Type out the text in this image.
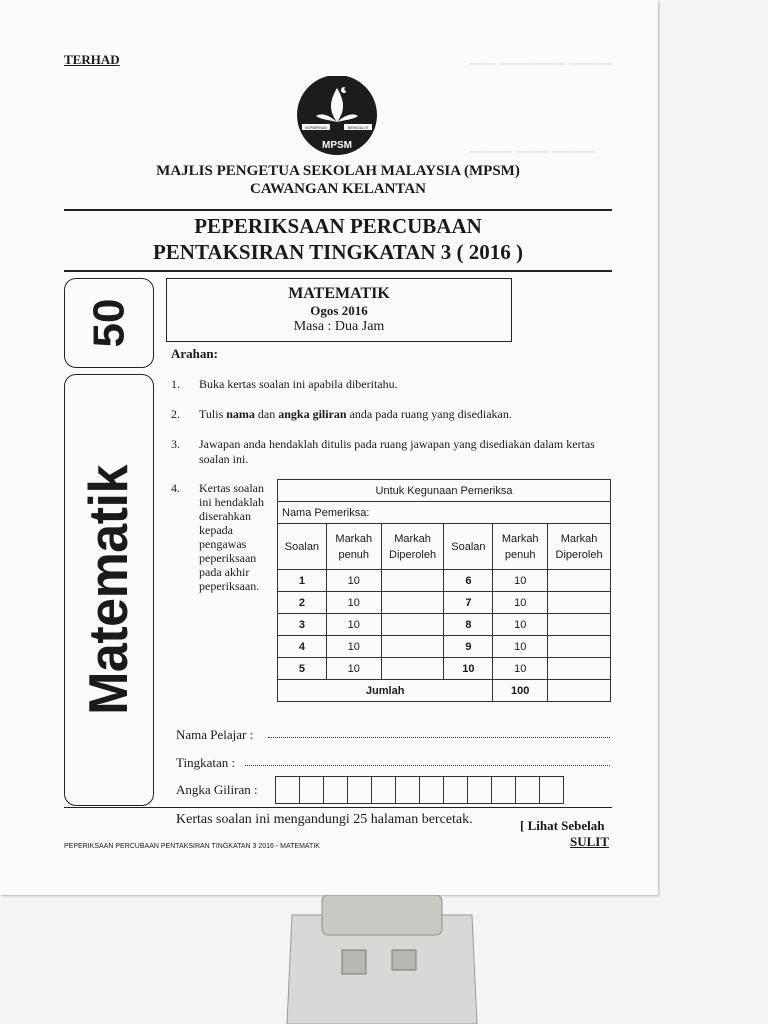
▁▁▁ ▁▁▁▁▁▁▁▁ ▁▁▁▁▁
▁▁▁▁▁ ▁▁▁▁ ▁▁▁▁▁
TERHAD
KEPIMPINAN	BERKUALITI
MPSM
MAJLIS PENGETUA SEKOLAH MALAYSIA (MPSM)
CAWANGAN KELANTAN
PEPERIKSAAN PERCUBAAN
PENTAKSIRAN TINGKATAN 3 ( 2016 )
50
Matematik
MATEMATIK
Ogos 2016
Masa : Dua Jam
Arahan:
1. Buka kertas soalan ini apabila diberitahu.
2. Tulis nama dan angka giliran anda pada ruang yang disediakan.
3. Jawapan anda hendaklah ditulis pada ruang jawapan yang disediakan dalam kertas soalan ini.
4. Kertas soalan ini hendaklah diserahkan kepada pengawas peperiksaan pada akhir peperiksaan.
Untuk Kegunaan Pemeriksa					
Nama Pemeriksa:					
Soalan	Markah penuh	Markah Diperoleh	Soalan	Markah penuh	Markah Diperoleh
1	10		6	10	
2	10		7	10	
3	10		8	10	
4	10		9	10	
5	10		10	10	
Jumlah				100	
Nama Pelajar :
Tingkatan :
Angka Giliran :
Kertas soalan ini mengandungi 25 halaman bercetak.	[ Lihat Sebelah
SULIT
PEPERIKSAAN PERCUBAAN PENTAKSIRAN TINGKATAN 3 2016 - MATEMATIK
